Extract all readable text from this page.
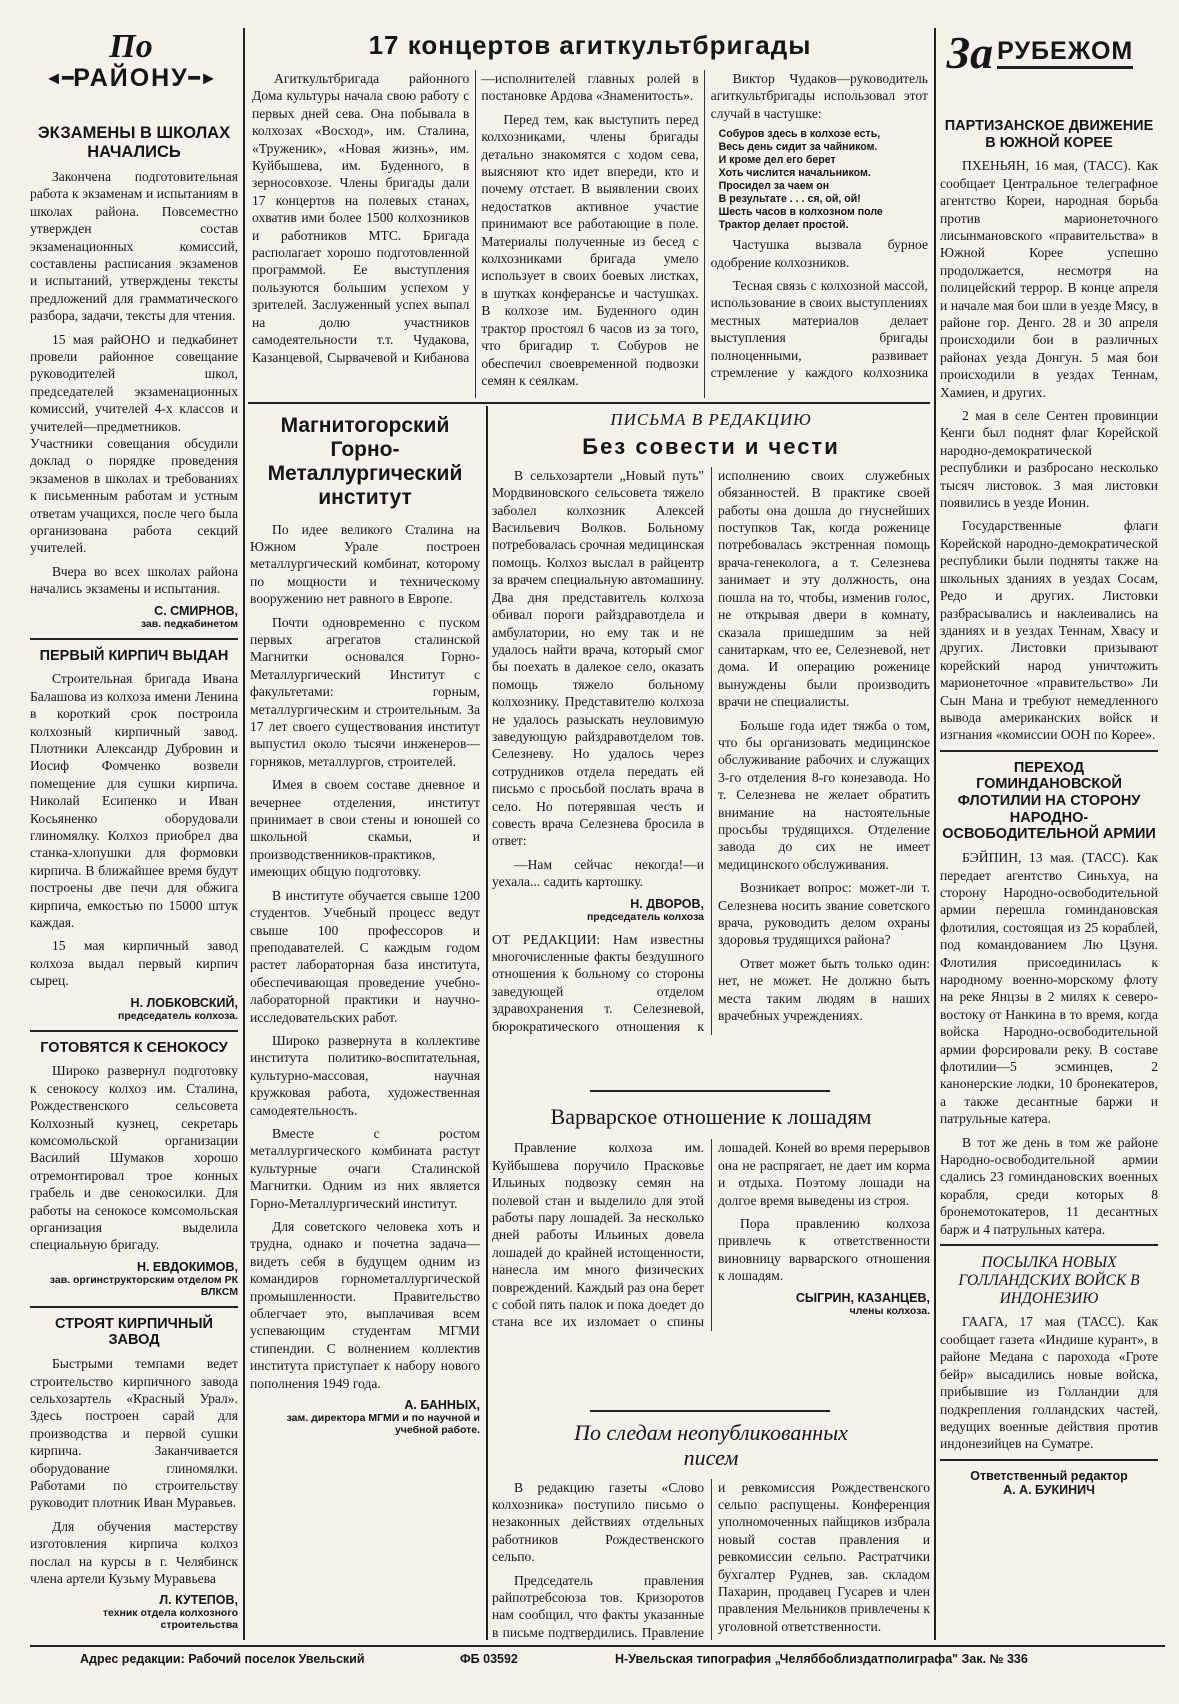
По
◄━ РАЙОНУ ━►	За РУБЕЖОМ
ЭКЗАМЕНЫ В ШКОЛАХ НАЧАЛИСЬ

Закончена подготовительная работа к экзаменам и испытаниям в школах района. Повсеместно утвержден состав экзаменационных комиссий, составлены расписания экзаменов и испытаний, утверждены тексты предложений для грамматического разбора, задачи, тексты для чтения.

15 мая райОНО и педкабинет провели районное совещание руководителей школ, председателей экзаменационных комиссий, учителей 4-х классов и учителей—предметников. Участники совещания обсудили доклад о порядке проведения экзаменов в школах и требованиях к письменным работам и устным ответам учащихся, после чего была организована работа секций учителей.

Вчера во всех школах района начались экзамены и испытания.

С. СМИРНОВ,
зав. педкабинетом
ПЕРВЫЙ КИРПИЧ ВЫДАН

Строительная бригада Ивана Балашова из колхоза имени Ленина в короткий срок построила колхозный кирпичный завод. Плотники Александр Дубровин и Иосиф Фомченко возвели помещение для сушки кирпича. Николай Есипенко и Иван Косьяненко оборудовали глиномялку. Колхоз приобрел два станка-хлопушки для формовки кирпича. В ближайшее время будут построены две печи для обжига кирпича, емкостью по 15000 штук каждая.

15 мая кирпичный завод колхоза выдал первый кирпич сырец.

Н. ЛОБКОВСКИЙ,
председатель колхоза.
ГОТОВЯТСЯ К СЕНОКОСУ

Широко развернул подготовку к сенокосу колхоз им. Сталина, Рождественского сельсовета Колхозный кузнец, секретарь комсомольской организации Василий Шумаков хорошо отремонтировал трое конных грабель и две сенокосилки. Для работы на сенокосе комсомольская организация выделила специальную бригаду.

Н. ЕВДОКИМОВ,
зав. оргинструкторским отделом РК ВЛКСМ
СТРОЯТ КИРПИЧНЫЙ ЗАВОД

Быстрыми темпами ведет строительство кирпичного завода сельхозартель «Красный Урал». Здесь построен сарай для производства и первой сушки кирпича. Заканчивается оборудование глиномялки. Работами по строительству руководит плотник Иван Муравьев.

Для обучения мастерству изготовления кирпича колхоз послал на курсы в г. Челябинск члена артели Кузьму Муравьева

Л. КУТЕПОВ,
техник отдела колхозного строительства
17 концертов агиткультбригады

Агиткультбригада районного Дома культуры начала свою работу с первых дней сева. Она побывала в колхозах «Восход», им. Сталина, «Труженик», «Новая жизнь», им. Куйбышева, им. Буденного, в зерносовхозе. Члены бригады дали 17 концертов на полевых станах, охватив ими более 1500 колхозников и работников МТС. Бригада располагает хорошо подготовленной программой. Ее выступления пользуются большим успехом у зрителей. Заслуженный успех выпал на долю участников самодеятельности т.т. Чудакова, Казанцевой, Сырвачевой и Кибанова—исполнителей главных ролей в постановке Ардова «Знаменитость».

Перед тем, как выступить перед колхозниками, члены бригады детально знакомятся с ходом сева, выясняют кто идет впереди, кто и почему отстает. В выявлении своих недостатков активное участие принимают все работающие в поле. Материалы полученные из бесед с колхозниками бригада умело использует в своих боевых листках, в шутках конферансье и частушках. В колхозе им. Буденного один трактор простоял 6 часов из за того, что бригадир т. Собуров не обеспечил своевременной подвозки семян к сеялкам.

Виктор Чудаков—руководитель агиткультбригады использовал этот случай в частушке:

Собуров здесь в колхозе есть,

Весь день сидит за чайником.

И кроме дел его берет

Хоть числится начальником.

Просидел за чаем он

В результате . . . ся, ой, ой!

Шесть часов в колхозном поле

Трактор делает простой.

Частушка вызвала бурное одобрение колхозников.

Тесная связь с колхозной массой, использование в своих выступлениях местных материалов делает выступления бригады полноценными, развивает стремление у каждого колхозника

Магнитогорский Горно-Металлургический институт

По идее великого Сталина на Южном Урале построен металлургический комбинат, которому по мощности и техническому вооружению нет равного в Европе.

Почти одновременно с пуском первых агрегатов сталинской Магнитки основался Горно-Металлургический Институт с факультетами: горным, металлургическим и строительным. За 17 лет своего существования институт выпустил около тысячи инженеров—горняков, металлургов, строителей.

Имея в своем составе дневное и вечернее отделения, институт принимает в свои стены и юношей со школьной скамьи, и производственников-практиков, имеющих общую подготовку.

В институте обучается свыше 1200 студентов. Учебный процесс ведут свыше 100 профессоров и преподавателей. С каждым годом растет лабораторная база института, обеспечивающая проведение учебно-лабораторной практики и научно-исследовательских работ.

Широко развернута в коллективе института политико-воспитательная, культурно-массовая, научная кружковая работа, художественная самодеятельность.

Вместе с ростом металлургического комбината растут культурные очаги Сталинской Магнитки. Одним из них является Горно-Металлургический институт.

Для советского человека хоть и трудна, однако и почетна задача—видеть себя в будущем одним из командиров горнометаллургической промышленности. Правительство облегчает это, выплачивая всем успевающим студентам МГМИ стипендии. С волнением коллектив института приступает к набору нового пополнения 1949 года.

А. БАННЫХ,
зам. директора МГМИ и по научной и учебной работе.
ПИСЬМА В РЕДАКЦИЮ
Без совести и чести

В сельхозартели „Новый путь" Мордвиновского сельсовета тяжело заболел колхозник Алексей Васильевич Волков. Больному потребовалась срочная медицинская помощь. Колхоз выслал в райцентр за врачем специальную автомашину. Два дня представитель колхоза обивал пороги райздравотдела и амбулатории, но ему так и не удалось найти врача, который смог бы поехать в далекое село, оказать помощь тяжело больному колхознику. Представителю колхоза не удалось разыскать неуловимую заведующую райздравотделом тов. Селезневу. Но удалось через сотрудников отдела передать ей письмо с просьбой послать врача в село. Но потерявшая честь и совесть врача Селезнева бросила в ответ:

—Нам сейчас некогда!—и уехала... садить картошку.

Н. ДВОРОВ,
председатель колхоза

ОТ РЕДАКЦИИ: Нам известны многочисленные факты бездушного отношения к больному со стороны заведующей отделом здравохранения т. Селезневой, бюрократического отношения к исполнению своих служебных обязанностей. В практике своей работы она дошла до гнуснейших поступков Так, когда роженице потребовалась экстренная помощь врача-генеколога, а т. Селезнева занимает и эту должность, она пошла на то, чтобы, изменив голос, не открывая двери в комнату, сказала пришедшим за ней санитаркам, что ее, Селезневой, нет дома. И операцию роженице вынуждены были производить врачи не специалисты.

Больше года идет тяжба о том, что бы организовать медицинское обслуживание рабочих и служащих 3-го отделения 8-го конезавода. Но т. Селезнева не желает обратить внимание на настоятельные просьбы трудящихся. Отделение завода до сих не имеет медицинского обслуживания.

Возникает вопрос: может-ли т. Селезнева носить звание советского врача, руководить делом охраны здоровья трудящихся района?

Ответ может быть только один: нет, не может. Не должно быть места таким людям в наших врачебных учреждениях.

Варварское отношение к лошадям

Правление колхоза им. Куйбышева поручило Прасковье Ильиных подвозку семян на полевой стан и выделило для этой работы пару лошадей. За несколько дней работы Ильиных довела лошадей до крайней истощенности, нанесла им много физических повреждений. Каждый раз она берет с собой пять палок и пока доедет до стана все их изломает о спины лошадей. Коней во время перерывов она не распрягает, не дает им корма и отдыха. Поэтому лошади на долгое время выведены из строя.

Пора правлению колхоза привлечь к ответственности виновницу варварского отношения к лошадям.

СЫГРИН, КАЗАНЦЕВ,
члены колхоза.
По следам неопубликованных писем

В редакцию газеты «Слово колхозника» поступило письмо о незаконных действиях отдельных работников Рождественского сельпо.

Председатель правления райпотребсоюза тов. Кризоротов нам сообщил, что факты указанные в письме подтвердились. Правление и ревкомиссия Рождественского сельпо распущены. Конференция уполномоченных пайщиков избрала новый состав правления и ревкомиссии сельпо. Растратчики бухгалтер Руднев, зав. складом Пахарин, продавец Гусарев и член правления Мельников привлечены к уголовной ответственности.

ПАРТИЗАНСКОЕ ДВИЖЕНИЕ В ЮЖНОЙ КОРЕЕ

ПХЕНЬЯН, 16 мая, (ТАСС). Как сообщает Центральное телеграфное агентство Кореи, народная борьба против марионеточного лисынмановского «правительства» в Южной Корее успешно продолжается, несмотря на полицейский террор. В конце апреля и начале мая бои шли в уезде Мясу, в районе гор. Денго. 28 и 30 апреля происходили бои в различных районах уезда Донгун. 5 мая бои происходили в уездах Теннам, Хамиен, и других.

2 мая в селе Сентен провинции Кенги был поднят флаг Корейской народно-демократической республики и разбросано несколько тысяч листовок. 3 мая листовки появились в уезде Ионин.

Государственные флаги Корейской народно-демократической республики были подняты также на школьных зданиях в уездах Сосам, Редо и других. Листовки разбрасывались и наклеивались на зданиях и в уездах Теннам, Хвасу и других. Листовки призывают корейский народ уничтожить марионеточное «правительство» Ли Сын Мана и требуют немедленного вывода американских войск и изгнания «комиссии ООН по Корее».

ПЕРЕХОД ГОМИНДАНОВСКОЙ ФЛОТИЛИИ НА СТОРОНУ НАРОДНО-ОСВОБОДИТЕЛЬНОЙ АРМИИ

БЭЙПИН, 13 мая. (ТАСС). Как передает агентство Синьхуа, на сторону Народно-освободительной армии перешла гоминдановская флотилия, состоящая из 25 кораблей, под командованием Лю Цзуня. Флотилия присоединилась к народному военно-морскому флоту на реке Янцзы в 2 милях к северо-востоку от Нанкина в то время, когда войска Народно-освободительной армии форсировали реку. В составе флотилии—5 эсминцев, 2 канонерские лодки, 10 бронекатеров, а также десантные баржи и патрульные катера.

В тот же день в том же районе Народно-освободительной армии сдались 23 гоминдановских военных корабля, среди которых 8 бронемотокатеров, 11 десантных барж и 4 патрульных катера.

ПОСЫЛКА НОВЫХ ГОЛЛАНДСКИХ ВОЙСК В ИНДОНЕЗИЮ

ГААГА, 17 мая (ТАСС). Как сообщает газета «Индише курант», в районе Медана с парохода «Гроте бейр» высадились новые войска, прибывшие из Голландии для подкрепления голландских частей, ведущих военные действия против индонезийцев на Суматре.

Ответственный редактор
А. А. БУКИНИЧ
Адрес редакции: Рабочий поселок Увельский	ФБ 03592	Н-Увельская типография „Челяббоблиздатполиграфа" Зак. № 336
